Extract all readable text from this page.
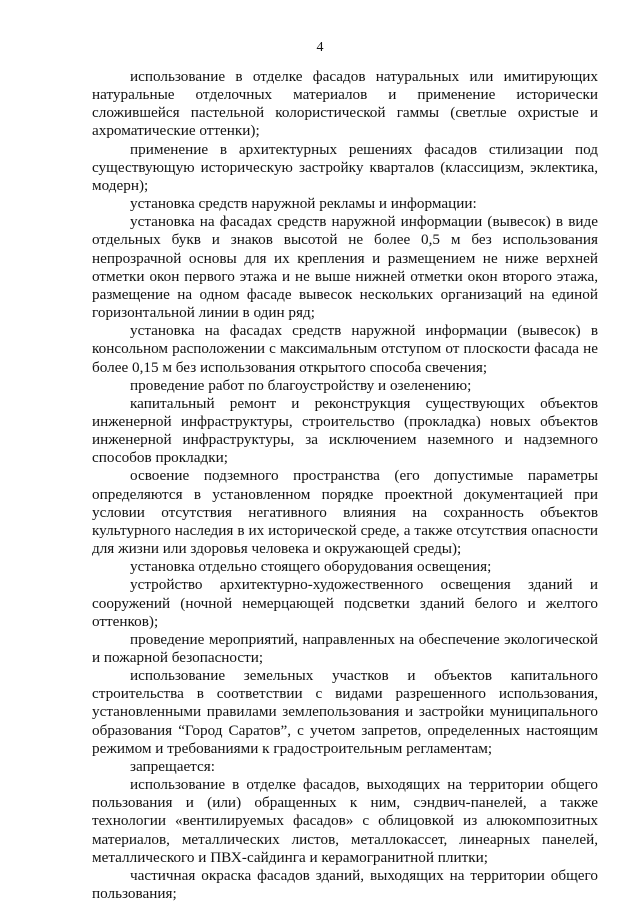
4

использование в отделке фасадов натуральных или имитирующих натуральные отделочных материалов и применение исторически сложившейся пастельной колористической гаммы (светлые охристые и ахроматические оттенки);

применение в архитектурных решениях фасадов стилизации под существующую историческую застройку кварталов (классицизм, эклектика, модерн);

установка средств наружной рекламы и информации:

установка на фасадах средств наружной информации (вывесок) в виде отдельных букв и знаков высотой не более 0,5 м без использования непрозрачной основы для их крепления и размещением не ниже верхней отметки окон первого этажа и не выше нижней отметки окон второго этажа, размещение на одном фасаде вывесок нескольких организаций на единой горизонтальной линии в один ряд;

установка на фасадах средств наружной информации (вывесок) в консольном расположении с максимальным отступом от плоскости фасада не более 0,15 м без использования открытого способа свечения;

проведение работ по благоустройству и озеленению;

капитальный ремонт и реконструкция существующих объектов инженерной инфраструктуры, строительство (прокладка) новых объектов инженерной инфраструктуры, за исключением наземного и надземного способов прокладки;

освоение подземного пространства (его допустимые параметры определяются в установленном порядке проектной документацией при условии отсутствия негативного влияния на сохранность объектов культурного наследия в их исторической среде, а также отсутствия опасности для жизни или здоровья человека и окружающей среды);

установка отдельно стоящего оборудования освещения;

устройство архитектурно-художественного освещения зданий и сооружений (ночной немерцающей подсветки зданий белого и желтого оттенков);

проведение мероприятий, направленных на обеспечение экологической и пожарной безопасности;

использование земельных участков и объектов капитального строительства в соответствии с видами разрешенного использования, установленными правилами землепользования и застройки муниципального образования “Город Саратов”, с учетом запретов, определенных настоящим режимом и требованиями к градостроительным регламентам;

запрещается:

использование в отделке фасадов, выходящих на территории общего пользования и (или) обращенных к ним, сэндвич-панелей, а также технологии «вентилируемых фасадов» с облицовкой из алюкомпозитных материалов, металлических листов, металлокассет, линеарных панелей, металлического и ПВХ-сайдинга и керамогранитной плитки;

частичная окраска фасадов зданий, выходящих на территории общего пользования;
